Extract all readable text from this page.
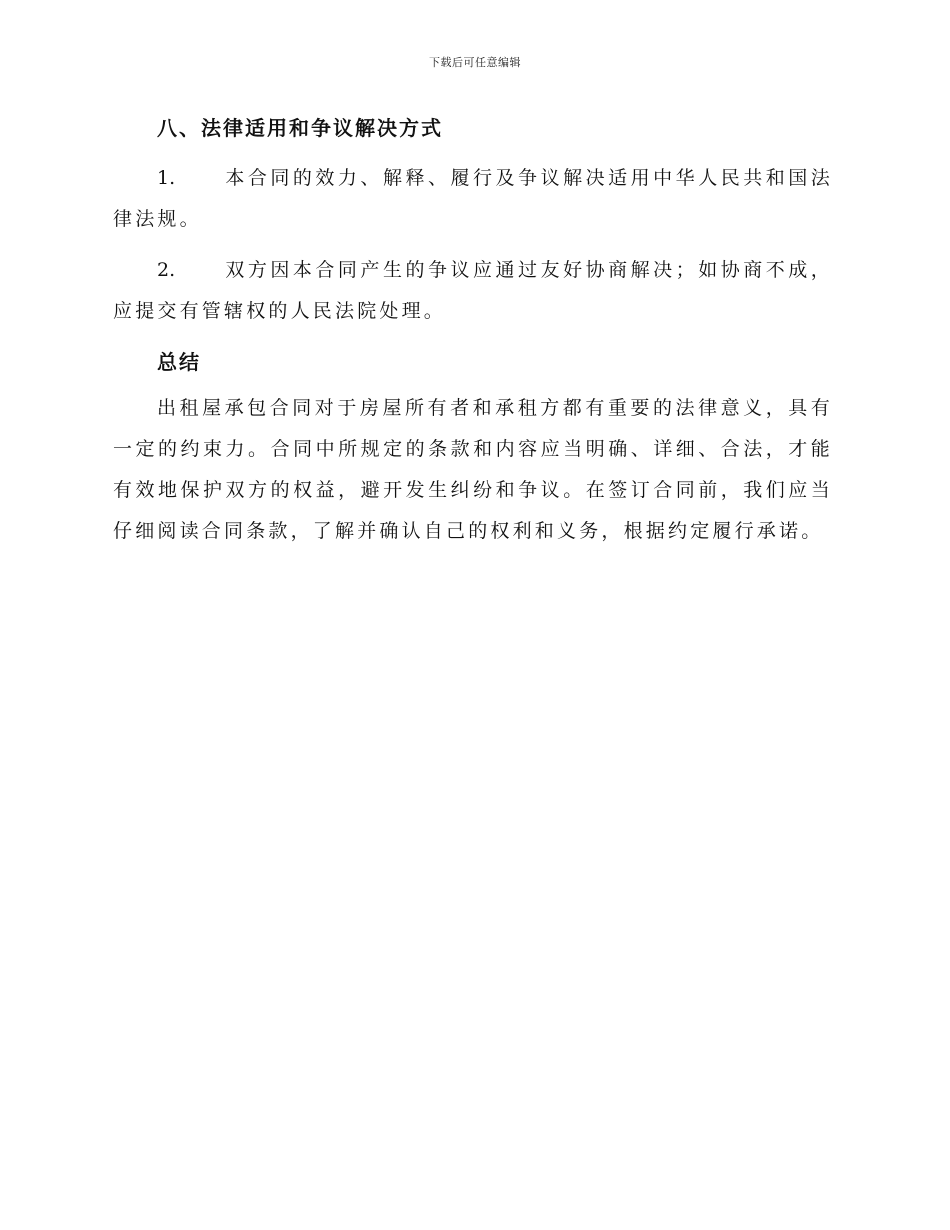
下载后可任意编辑
八、法律适用和争议解决方式

1.	本合同的效力、解释、履行及争议解决适用中华人民共和国法律法规。

2.	双方因本合同产生的争议应通过友好协商解决；如协商不成，应提交有管辖权的人民法院处理。

总结

出租屋承包合同对于房屋所有者和承租方都有重要的法律意义，具有一定的约束力。合同中所规定的条款和内容应当明确、详细、合法，才能有效地保护双方的权益，避开发生纠纷和争议。在签订合同前，我们应当仔细阅读合同条款，了解并确认自己的权利和义务，根据约定履行承诺。
